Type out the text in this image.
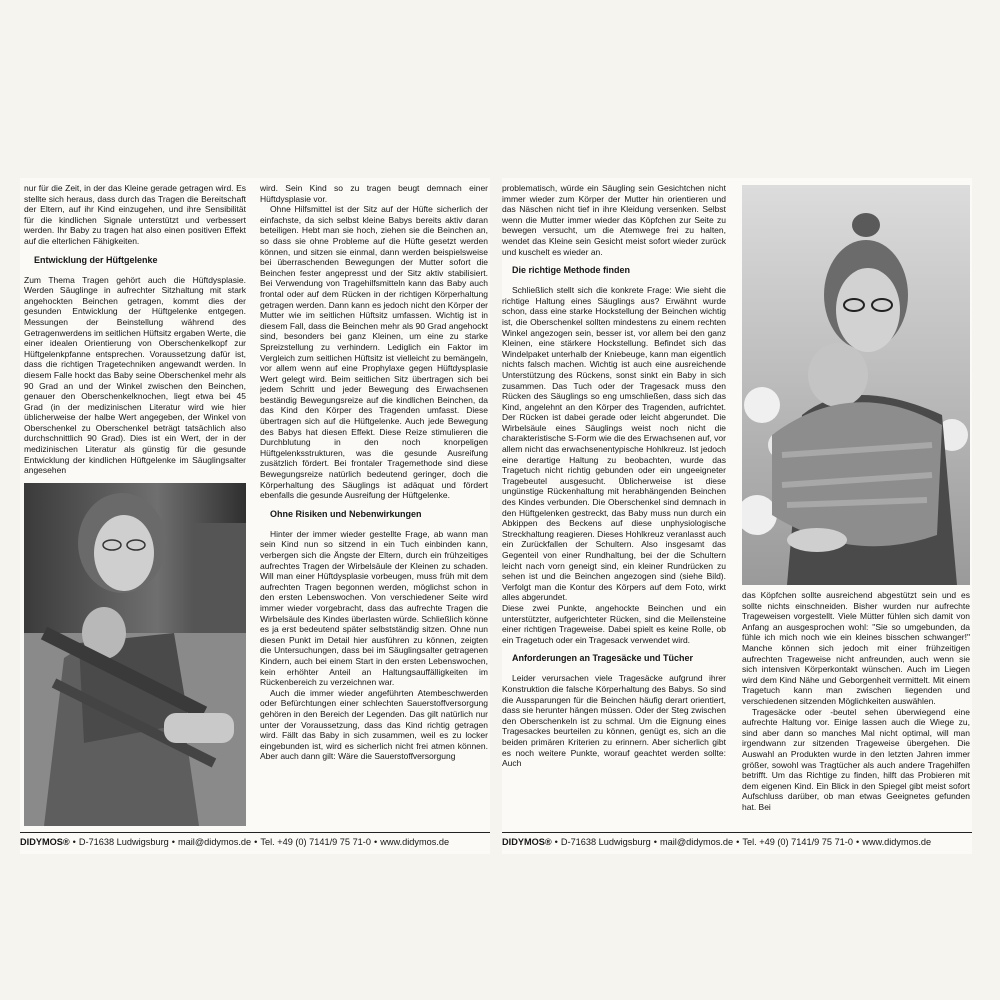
nur für die Zeit, in der das Kleine gerade getragen wird. Es stellte sich heraus, dass durch das Tragen die Bereitschaft der Eltern, auf ihr Kind einzugehen, und ihre Sensibilität für die kindlichen Signale unterstützt und verbessert werden. Ihr Baby zu tragen hat also einen positiven Effekt auf die elterlichen Fähigkeiten.

Entwicklung der Hüftgelenke

Zum Thema Tragen gehört auch die Hüftdysplasie. Werden Säuglinge in aufrechter Sitzhaltung mit stark angehockten Beinchen getragen, kommt dies der gesunden Entwicklung der Hüftgelenke entgegen. Messungen der Beinstellung während des Getragenwerdens im seitlichen Hüftsitz ergaben Werte, die einer idealen Orientierung von Oberschenkelkopf zur Hüftgelenkpfanne entsprechen. Voraussetzung dafür ist, dass die richtigen Tragetechniken angewandt werden. In diesem Falle hockt das Baby seine Oberschenkel mehr als 90 Grad an und der Winkel zwischen den Beinchen, genauer den Oberschenkelknochen, liegt etwa bei 45 Grad (in der medizinischen Literatur wird wie hier üblicherweise der halbe Wert angegeben, der Winkel von Oberschenkel zu Oberschenkel beträgt tatsächlich also durchschnittlich 90 Grad). Dies ist ein Wert, der in der medizinischen Literatur als günstig für die gesunde Entwicklung der kindlichen Hüftgelenke im Säuglingsalter angesehen

wird. Sein Kind so zu tragen beugt demnach einer Hüftdysplasie vor.

Ohne Hilfsmittel ist der Sitz auf der Hüfte sicherlich der einfachste, da sich selbst kleine Babys bereits aktiv daran beteiligen. Hebt man sie hoch, ziehen sie die Beinchen an, so dass sie ohne Probleme auf die Hüfte gesetzt werden können, und sitzen sie einmal, dann werden beispielsweise bei überraschenden Bewegungen der Mutter sofort die Beinchen fester angepresst und der Sitz aktiv stabilisiert. Bei Verwendung von Tragehilfsmitteln kann das Baby auch frontal oder auf dem Rücken in der richtigen Körperhaltung getragen werden. Dann kann es jedoch nicht den Körper der Mutter wie im seitlichen Hüftsitz umfassen. Wichtig ist in diesem Fall, dass die Beinchen mehr als 90 Grad angehockt sind, besonders bei ganz Kleinen, um eine zu starke Spreizstellung zu verhindern. Lediglich ein Faktor im Vergleich zum seitlichen Hüftsitz ist vielleicht zu bemängeln, vor allem wenn auf eine Prophylaxe gegen Hüftdysplasie Wert gelegt wird. Beim seitlichen Sitz übertragen sich bei jedem Schritt und jeder Bewegung des Erwachsenen beständig Bewegungsreize auf die kindlichen Beinchen, da das Kind den Körper des Tragenden umfasst. Diese übertragen sich auf die Hüftgelenke. Auch jede Bewegung des Babys hat diesen Effekt. Diese Reize stimulieren die Durchblutung in den noch knorpeligen Hüftgelenksstrukturen, was die gesunde Ausreifung zusätzlich fördert. Bei frontaler Tragemethode sind diese Bewegungsreize natürlich bedeutend geringer, doch die Körperhaltung des Säuglings ist adäquat und fördert ebenfalls die gesunde Ausreifung der Hüftgelenke.

Ohne Risiken und Nebenwirkungen

Hinter der immer wieder gestellte Frage, ab wann man sein Kind nun so sitzend in ein Tuch einbinden kann, verbergen sich die Ängste der Eltern, durch ein frühzeitiges aufrechtes Tragen der Wirbelsäule der Kleinen zu schaden. Will man einer Hüftdysplasie vorbeugen, muss früh mit dem aufrechten Tragen begonnen werden, möglichst schon in den ersten Lebenswochen. Von verschiedener Seite wird immer wieder vorgebracht, dass das aufrechte Tragen die Wirbelsäule des Kindes überlasten würde. Schließlich könne es ja erst bedeutend später selbstständig sitzen. Ohne nun diesen Punkt im Detail hier ausführen zu können, zeigten die Untersuchungen, dass bei im Säuglingsalter getragenen Kindern, auch bei einem Start in den ersten Lebenswochen, kein erhöhter Anteil an Haltungsauffälligkeiten im Rückenbereich zu verzeichnen war.

Auch die immer wieder angeführten Atembeschwerden oder Befürchtungen einer schlechten Sauerstoffversorgung gehören in den Bereich der Legenden. Das gilt natürlich nur unter der Voraussetzung, dass das Kind richtig getragen wird. Fällt das Baby in sich zusammen, weil es zu locker eingebunden ist, wird es sicherlich nicht frei atmen können. Aber auch dann gilt: Wäre die Sauerstoffversorgung

DIDYMOS® • D-71638 Ludwigsburg • mail@didymos.de • Tel. +49 (0) 7141/9 75 71-0 • www.didymos.de

problematisch, würde ein Säugling sein Gesichtchen nicht immer wieder zum Körper der Mutter hin orientieren und das Näschen nicht tief in ihre Kleidung versenken. Selbst wenn die Mutter immer wieder das Köpfchen zur Seite zu bewegen versucht, um die Atemwege frei zu halten, wendet das Kleine sein Gesicht meist sofort wieder zurück und kuschelt es wieder an.

Die richtige Methode finden

Schließlich stellt sich die konkrete Frage: Wie sieht die richtige Haltung eines Säuglings aus? Erwähnt wurde schon, dass eine starke Hockstellung der Beinchen wichtig ist, die Oberschenkel sollten mindestens zu einem rechten Winkel angezogen sein, besser ist, vor allem bei den ganz Kleinen, eine stärkere Hockstellung. Befindet sich das Windelpaket unterhalb der Kniebeuge, kann man eigentlich nichts falsch machen. Wichtig ist auch eine ausreichende Unterstützung des Rückens, sonst sinkt ein Baby in sich zusammen. Das Tuch oder der Tragesack muss den Rücken des Säuglings so eng umschließen, dass sich das Kind, angelehnt an den Körper des Tragenden, aufrichtet. Der Rücken ist dabei gerade oder leicht abgerundet. Die Wirbelsäule eines Säuglings weist noch nicht die charakteristische S-Form wie die des Erwachsenen auf, vor allem nicht das erwachsenentypische Hohlkreuz. Ist jedoch eine derartige Haltung zu beobachten, wurde das Tragetuch nicht richtig gebunden oder ein ungeeigneter Tragebeutel ausgesucht. Üblicherweise ist diese ungünstige Rückenhaltung mit herabhängenden Beinchen des Kindes verbunden. Die Oberschenkel sind demnach in den Hüftgelenken gestreckt, das Baby muss nun durch ein Abkippen des Beckens auf diese unphysiologische Streckhaltung reagieren. Dieses Hohlkreuz veranlasst auch ein Zurückfallen der Schultern. Also insgesamt das Gegenteil von einer Rundhaltung, bei der die Schultern leicht nach vorn geneigt sind, ein kleiner Rundrücken zu sehen ist und die Beinchen angezogen sind (siehe Bild). Verfolgt man die Kontur des Körpers auf dem Foto, wirkt alles abgerundet.

Diese zwei Punkte, angehockte Beinchen und ein unterstützter, aufgerichteter Rücken, sind die Meilensteine einer richtigen Trageweise. Dabei spielt es keine Rolle, ob ein Tragetuch oder ein Tragesack verwendet wird.

Anforderungen an Tragesäcke und Tücher

Leider verursachen viele Tragesäcke aufgrund ihrer Konstruktion die falsche Körperhaltung des Babys. So sind die Aussparungen für die Beinchen häufig derart orientiert, dass sie herunter hängen müssen. Oder der Steg zwischen den Oberschenkeln ist zu schmal. Um die Eignung eines Tragesackes beurteilen zu können, genügt es, sich an die beiden primären Kriterien zu erinnern. Aber sicherlich gibt es noch weitere Punkte, worauf geachtet werden sollte: Auch

das Köpfchen sollte ausreichend abgestützt sein und es sollte nichts einschneiden. Bisher wurden nur aufrechte Trageweisen vorgestellt. Viele Mütter fühlen sich damit von Anfang an ausgesprochen wohl: "Sie so umgebunden, da fühle ich mich noch wie ein kleines bisschen schwanger!" Manche können sich jedoch mit einer frühzeitigen aufrechten Trageweise nicht anfreunden, auch wenn sie sich intensiven Körperkontakt wünschen. Auch im Liegen wird dem Kind Nähe und Geborgenheit vermittelt. Mit einem Tragetuch kann man zwischen liegenden und verschiedenen sitzenden Möglichkeiten auswählen.

Tragesäcke oder -beutel sehen überwiegend eine aufrechte Haltung vor. Einige lassen auch die Wiege zu, sind aber dann so manches Mal nicht optimal, will man irgendwann zur sitzenden Trageweise übergehen. Die Auswahl an Produkten wurde in den letzten Jahren immer größer, sowohl was Tragtücher als auch andere Tragehilfen betrifft. Um das Richtige zu finden, hilft das Probieren mit dem eigenen Kind. Ein Blick in den Spiegel gibt meist sofort Aufschluss darüber, ob man etwas Geeignetes gefunden hat. Bei

DIDYMOS® • D-71638 Ludwigsburg • mail@didymos.de • Tel. +49 (0) 7141/9 75 71-0 • www.didymos.de
